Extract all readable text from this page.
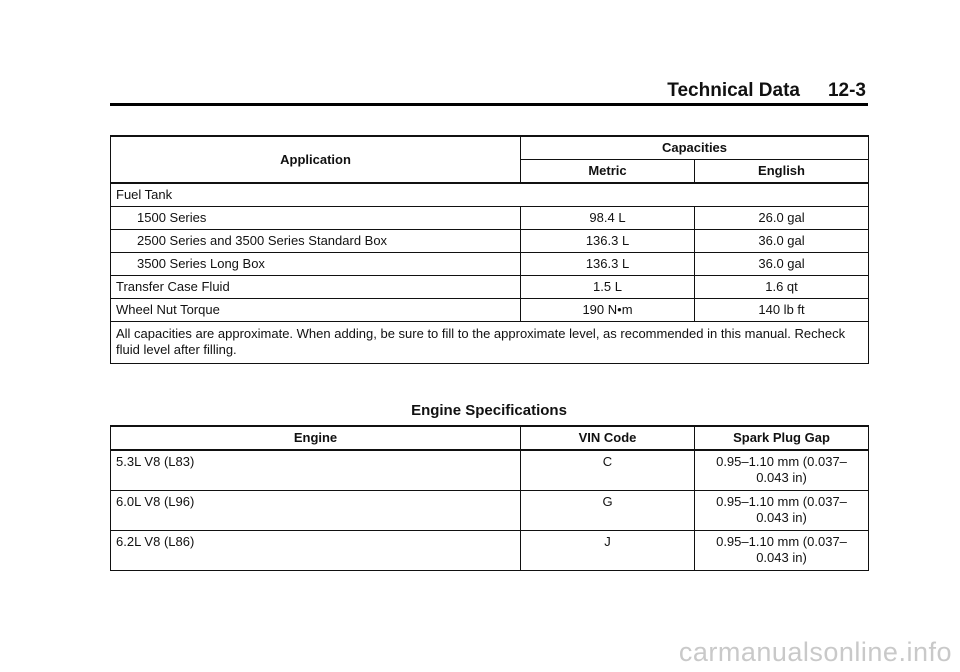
Technical Data 12-3
Application	Capacities	
	Metric	English
Fuel Tank		
1500 Series	98.4 L	26.0 gal
2500 Series and 3500 Series Standard Box	136.3 L	36.0 gal
3500 Series Long Box	136.3 L	36.0 gal
Transfer Case Fluid	1.5 L	1.6 qt
Wheel Nut Torque	190 N•m	140 lb ft
All capacities are approximate. When adding, be sure to fill to the approximate level, as recommended in this manual. Recheck fluid level after filling.		
Engine Specifications
Engine	VIN Code	Spark Plug Gap
5.3L V8 (L83)	C	0.95–1.10 mm (0.037–
0.043 in)

6.0L V8 (L96)	G	0.95–1.10 mm (0.037–
0.043 in)

6.2L V8 (L86)	J	0.95–1.10 mm (0.037–
0.043 in)
carmanualsonline.info
